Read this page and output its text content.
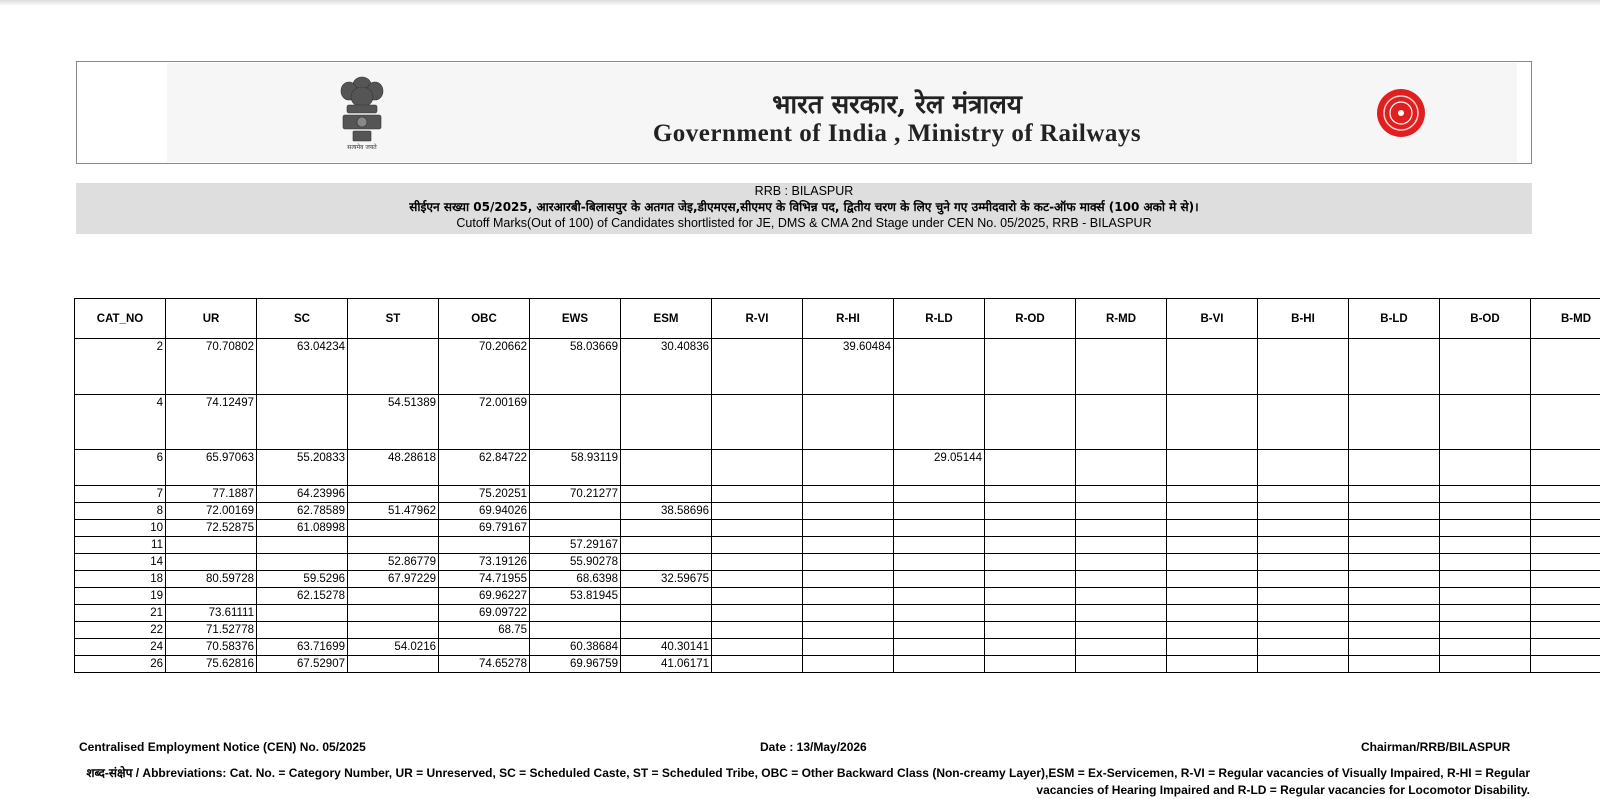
सत्यमेव जयते
भारत सरकार, रेल मंत्रालय
Government of India , Ministry of Railways
RRB : BILASPUR
सीईएन सख्या 05/2025, आरआरबी-बिलासपुर के अतगत जेइ,डीएमएस,सीएमए के विभिन्न पद, द्वितीय चरण के लिए चुने गए उम्मीदवारो के कट-ऑफ मार्क्स (100 अको मे से)।
Cutoff Marks(Out of 100) of Candidates shortlisted for JE, DMS & CMA 2nd Stage under CEN No. 05/2025, RRB - BILASPUR
CAT_NO	UR	SC	ST	OBC	EWS	ESM	R-VI	R-HI	R-LD	R-OD	R-MD	B-VI	B-HI	B-LD	B-OD	B-MD
2	70.70802	63.04234		70.20662	58.03669	30.40836		39.60484								
4	74.12497		54.51389	72.00169												
6	65.97063	55.20833	48.28618	62.84722	58.93119				29.05144							
7	77.1887	64.23996		75.20251	70.21277											
8	72.00169	62.78589	51.47962	69.94026		38.58696										
10	72.52875	61.08998		69.79167												
11					57.29167											
14			52.86779	73.19126	55.90278											
18	80.59728	59.5296	67.97229	74.71955	68.6398	32.59675										
19		62.15278		69.96227	53.81945											
21	73.61111			69.09722												
22	71.52778			68.75												
24	70.58376	63.71699	54.0216		60.38684	40.30141										
26	75.62816	67.52907		74.65278	69.96759	41.06171										
Centralised Employment Notice (CEN) No. 05/2025	Date : 13/May/2026	Chairman/RRB/BILASPUR
शब्द-संक्षेप / Abbreviations: Cat. No. = Category Number, UR = Unreserved, SC = Scheduled Caste, ST = Scheduled Tribe, OBC = Other Backward Class (Non-creamy Layer),ESM = Ex-Servicemen, R-VI = Regular vacancies of Visually Impaired, R-HI = Regular vacancies of Hearing Impaired and R-LD = Regular vacancies for Locomotor Disability.
